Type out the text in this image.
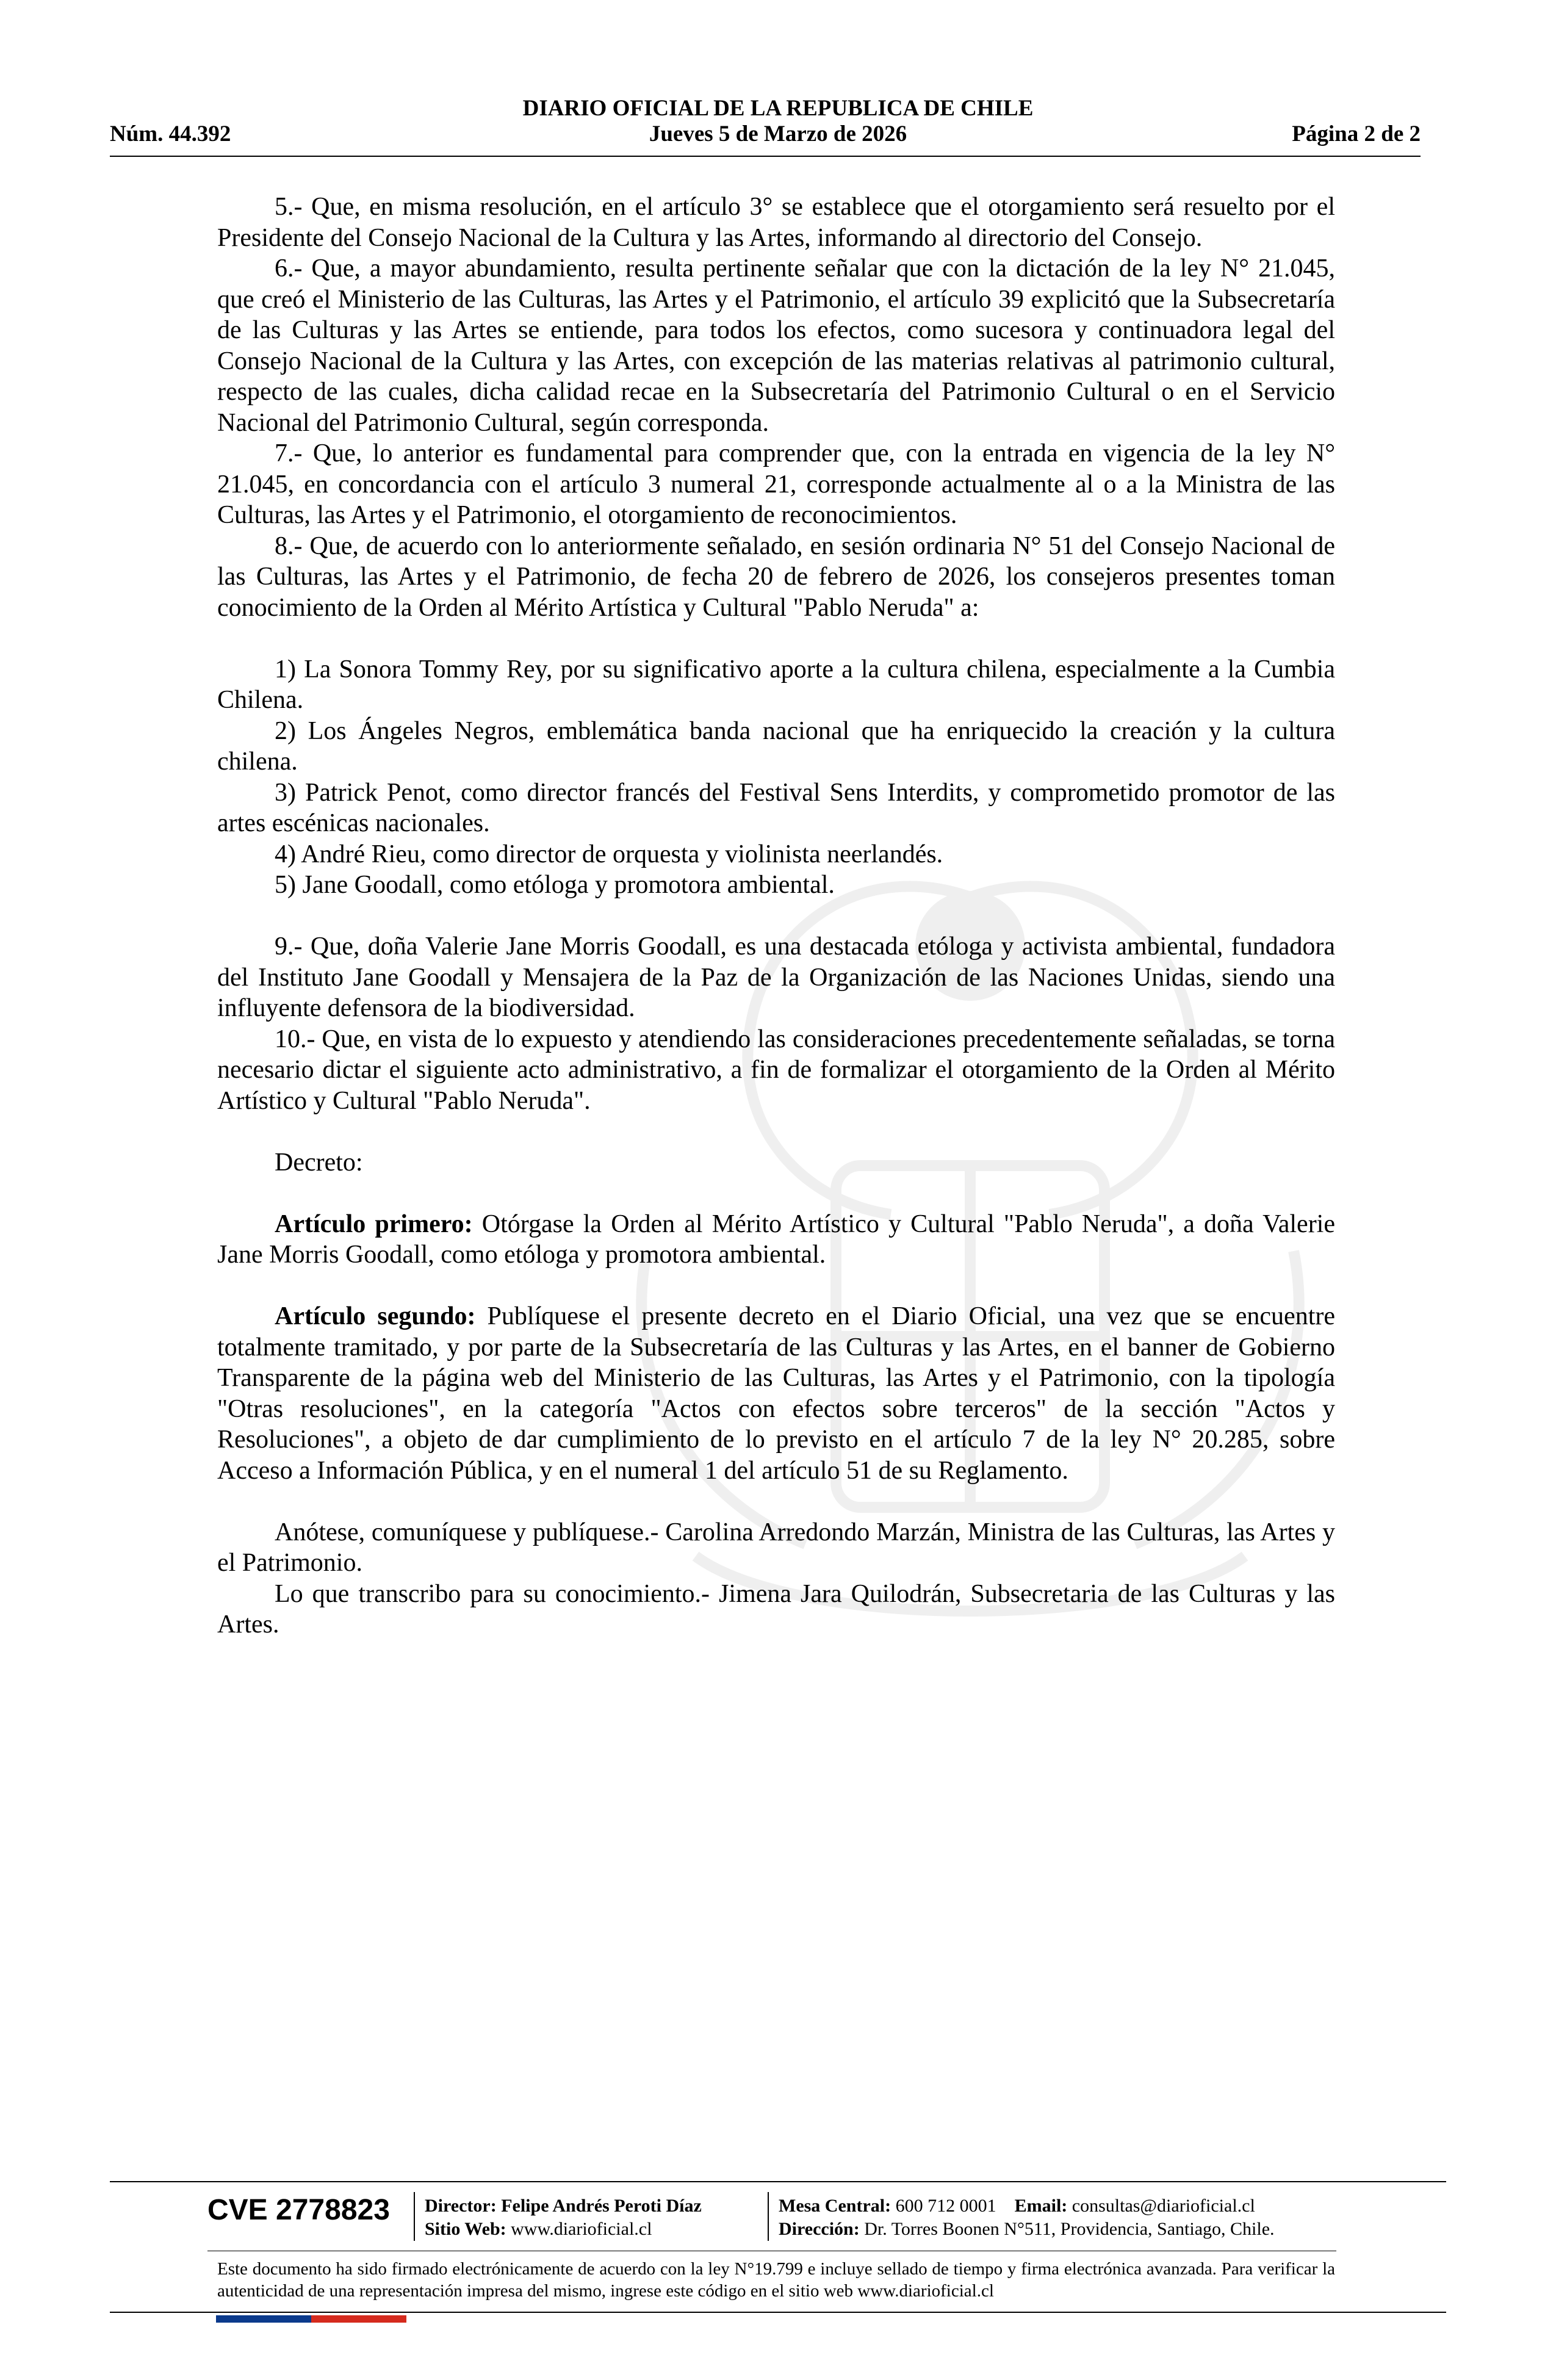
DIARIO OFICIAL DE LA REPUBLICA DE CHILE
Núm. 44.392	Jueves 5 de Marzo de 2026	Página 2 de 2

5.- Que, en misma resolución, en el artículo 3° se establece que el otorgamiento será resuelto por el Presidente del Consejo Nacional de la Cultura y las Artes, informando al directorio del Consejo.

6.- Que, a mayor abundamiento, resulta pertinente señalar que con la dictación de la ley N° 21.045, que creó el Ministerio de las Culturas, las Artes y el Patrimonio, el artículo 39 explicitó que la Subsecretaría de las Culturas y las Artes se entiende, para todos los efectos, como sucesora y continuadora legal del Consejo Nacional de la Cultura y las Artes, con excepción de las materias relativas al patrimonio cultural, respecto de las cuales, dicha calidad recae en la Subsecretaría del Patrimonio Cultural o en el Servicio Nacional del Patrimonio Cultural, según corresponda.

7.- Que, lo anterior es fundamental para comprender que, con la entrada en vigencia de la ley N° 21.045, en concordancia con el artículo 3 numeral 21, corresponde actualmente al o a la Ministra de las Culturas, las Artes y el Patrimonio, el otorgamiento de reconocimientos.

8.- Que, de acuerdo con lo anteriormente señalado, en sesión ordinaria N° 51 del Consejo Nacional de las Culturas, las Artes y el Patrimonio, de fecha 20 de febrero de 2026, los consejeros presentes toman conocimiento de la Orden al Mérito Artística y Cultural "Pablo Neruda" a:

1) La Sonora Tommy Rey, por su significativo aporte a la cultura chilena, especialmente a la Cumbia Chilena.

2) Los Ángeles Negros, emblemática banda nacional que ha enriquecido la creación y la cultura chilena.

3) Patrick Penot, como director francés del Festival Sens Interdits, y comprometido promotor de las artes escénicas nacionales.

4) André Rieu, como director de orquesta y violinista neerlandés.

5) Jane Goodall, como etóloga y promotora ambiental.

9.- Que, doña Valerie Jane Morris Goodall, es una destacada etóloga y activista ambiental, fundadora del Instituto Jane Goodall y Mensajera de la Paz de la Organización de las Naciones Unidas, siendo una influyente defensora de la biodiversidad.

10.- Que, en vista de lo expuesto y atendiendo las consideraciones precedentemente señaladas, se torna necesario dictar el siguiente acto administrativo, a fin de formalizar el otorgamiento de la Orden al Mérito Artístico y Cultural "Pablo Neruda".

Decreto:

Artículo primero: Otórgase la Orden al Mérito Artístico y Cultural "Pablo Neruda", a doña Valerie Jane Morris Goodall, como etóloga y promotora ambiental.

Artículo segundo: Publíquese el presente decreto en el Diario Oficial, una vez que se encuentre totalmente tramitado, y por parte de la Subsecretaría de las Culturas y las Artes, en el banner de Gobierno Transparente de la página web del Ministerio de las Culturas, las Artes y el Patrimonio, con la tipología "Otras resoluciones", en la categoría "Actos con efectos sobre terceros" de la sección "Actos y Resoluciones", a objeto de dar cumplimiento de lo previsto en el artículo 7 de la ley N° 20.285, sobre Acceso a Información Pública, y en el numeral 1 del artículo 51 de su Reglamento.

Anótese, comuníquese y publíquese.- Carolina Arredondo Marzán, Ministra de las Culturas, las Artes y el Patrimonio.

Lo que transcribo para su conocimiento.- Jimena Jara Quilodrán, Subsecretaria de las Culturas y las Artes.

CVE 2778823 Director: Felipe Andrés Peroti Díaz
Sitio Web: www.diarioficial.cl
Mesa Central: 600 712 0001 Email: consultas@diarioficial.cl
Dirección: Dr. Torres Boonen N°511, Providencia, Santiago, Chile.
Este documento ha sido firmado electrónicamente de acuerdo con la ley N°19.799 e incluye sellado de tiempo y firma electrónica avanzada. Para verificar la autenticidad de una representación impresa del mismo, ingrese este código en el sitio web www.diarioficial.cl
